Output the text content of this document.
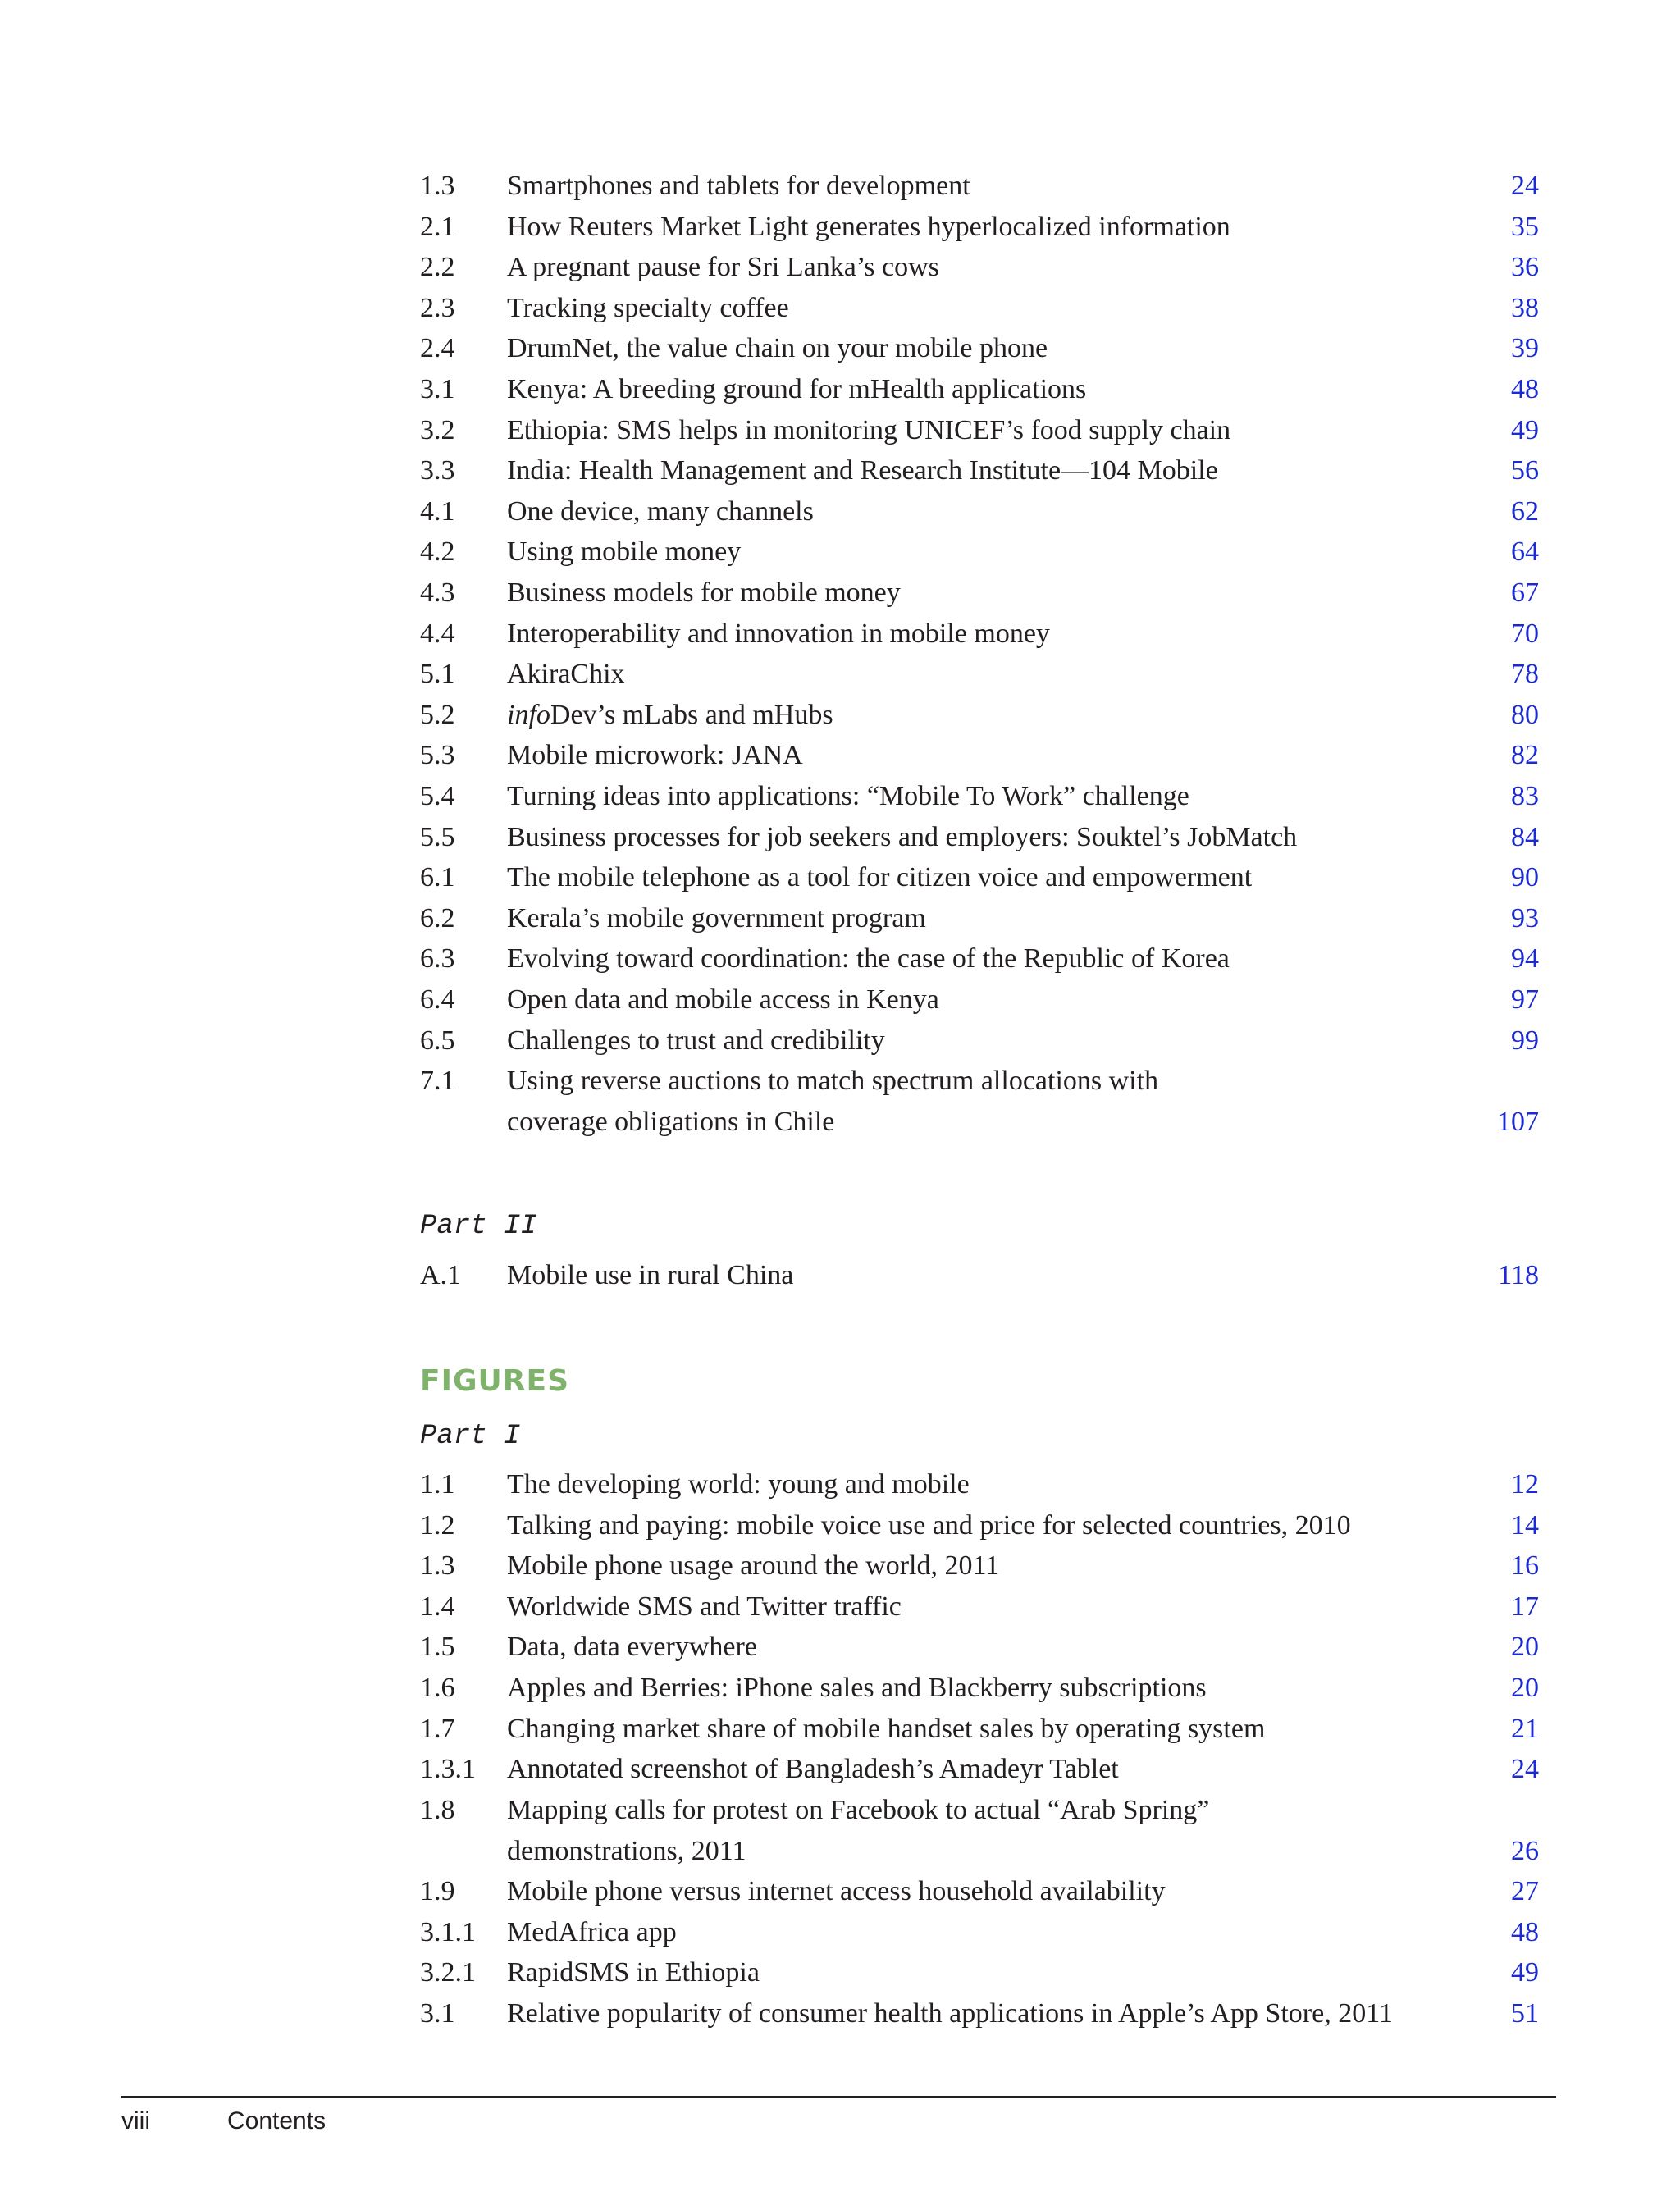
1.3 Smartphones and tablets for development	24
2.1 How Reuters Market Light generates hyperlocalized information	35
2.2 A pregnant pause for Sri Lanka’s cows	36
2.3 Tracking specialty coffee	38
2.4 DrumNet, the value chain on your mobile phone	39
3.1 Kenya: A breeding ground for mHealth applications	48
3.2 Ethiopia: SMS helps in monitoring UNICEF’s food supply chain	49
3.3 India: Health Management and Research Institute—104 Mobile	56
4.1 One device, many channels	62
4.2 Using mobile money	64
4.3 Business models for mobile money	67
4.4 Interoperability and innovation in mobile money	70
5.1 AkiraChix	78
5.2 infoDev’s mLabs and mHubs	80
5.3 Mobile microwork: JANA	82
5.4 Turning ideas into applications: “Mobile To Work” challenge	83
5.5 Business processes for job seekers and employers: Souktel’s JobMatch	84
6.1 The mobile telephone as a tool for citizen voice and empowerment	90
6.2 Kerala’s mobile government program	93
6.3 Evolving toward coordination: the case of the Republic of Korea	94
6.4 Open data and mobile access in Kenya	97
6.5 Challenges to trust and credibility	99
7.1 Using reverse auctions to match spectrum allocations with
coverage obligations in Chile	107
Part II
A.1 Mobile use in rural China	118
FIGURES
Part I
1.1 The developing world: young and mobile	12
1.2 Talking and paying: mobile voice use and price for selected countries, 2010	14
1.3 Mobile phone usage around the world, 2011	16
1.4 Worldwide SMS and Twitter traffic	17
1.5 Data, data everywhere	20
1.6 Apples and Berries: iPhone sales and Blackberry subscriptions	20
1.7 Changing market share of mobile handset sales by operating system	21
1.3.1 Annotated screenshot of Bangladesh’s Amadeyr Tablet	24
1.8 Mapping calls for protest on Facebook to actual “Arab Spring”
demonstrations, 2011	26
1.9 Mobile phone versus internet access household availability	27
3.1.1 MedAfrica app	48
3.2.1 RapidSMS in Ethiopia	49
3.1 Relative popularity of consumer health applications in Apple’s App Store, 2011	51
viii	Contents
